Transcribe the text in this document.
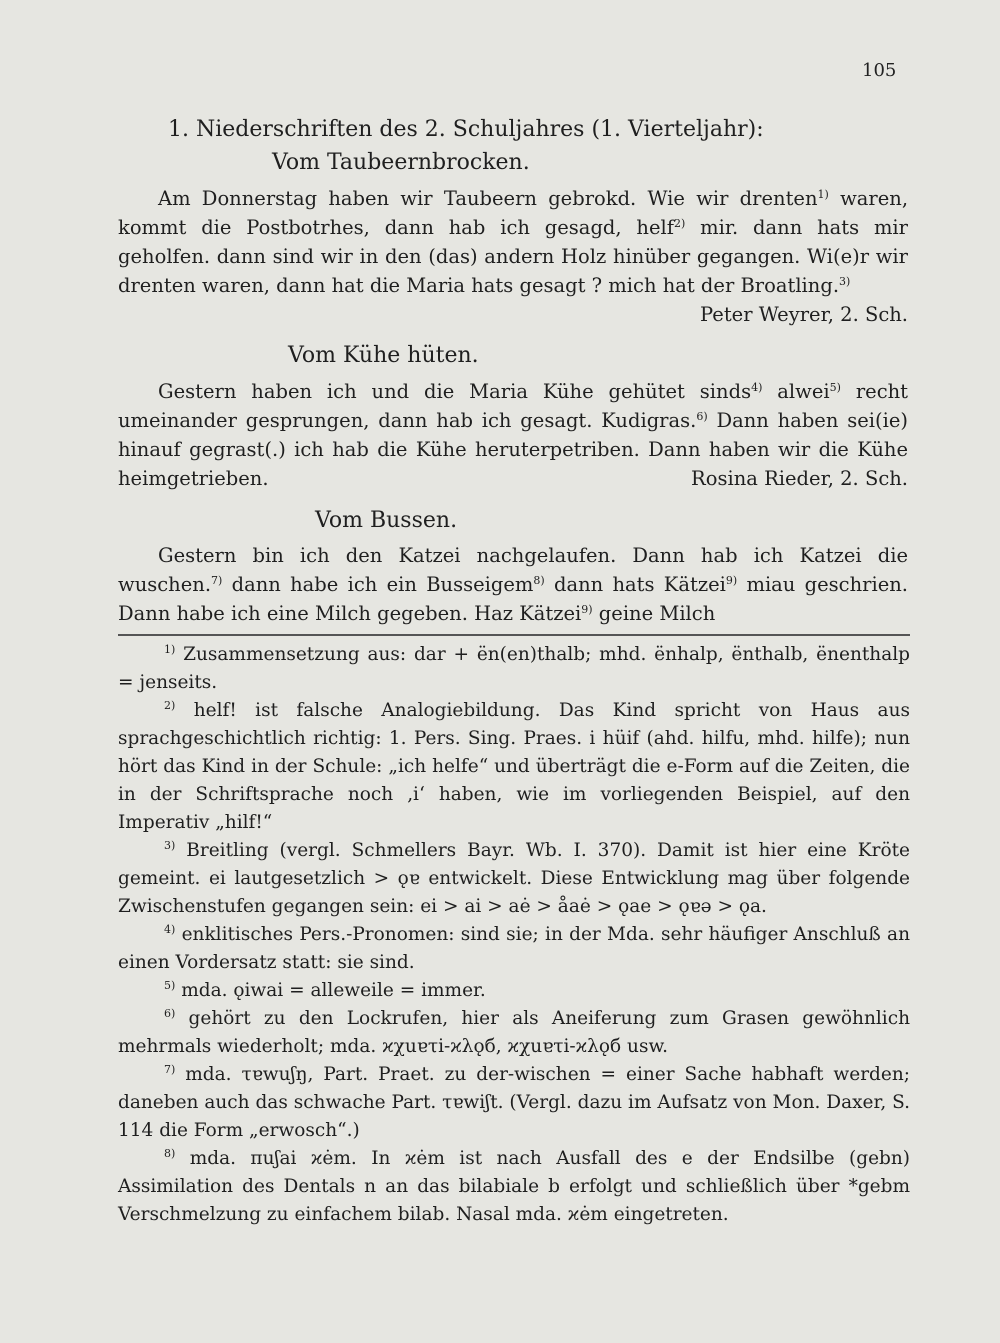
105
1. Niederschriften des 2. Schuljahres (1. Vierteljahr):
Vom Taubeernbrocken.

Am Donnerstag haben wir Taubeern gebrokd. Wie wir drenten$^{1)}$ waren, kommt die Postbotrhes, dann hab ich gesagd, helf$^{2)}$ mir. dann hats mir geholfen. dann sind wir in den (das) andern Holz hinüber gegangen. Wi(e)r wir drenten waren, dann hat die Maria hats gesagt ? mich hat der Broatling.$^{3)}$
Peter Weyrer, 2. Sch.

Vom Kühe hüten.

Gestern haben ich und die Maria Kühe gehütet sinds$^{4)}$ alwei$^{5)}$ recht umeinander gesprungen, dann hab ich gesagt. Kudigras.$^{6)}$ Dann haben sei(ie) hinauf gegrast(.) ich hab die Kühe heruterpetriben. Dann haben wir die Kühe heimgetrieben.	Rosina Rieder, 2. Sch.

Vom Bussen.

Gestern bin ich den Katzei nachgelaufen. Dann hab ich Katzei die wuschen.$^{7)}$ dann habe ich ein Busseigem$^{8)}$ dann hats Kätzei$^{9)}$ miau geschrien. Dann habe ich eine Milch gegeben. Haz Kätzei$^{9)}$ geine Milch

$^{1)}$ Zusammensetzung aus: dar + ën(en)thalb; mhd. ënhalp, ënthalb, ënenthalp = jenseits.

$^{2)}$ helf! ist falsche Analogiebildung. Das Kind spricht von Haus aus sprachgeschichtlich richtig: 1. Pers. Sing. Praes. i hüif (ahd. hilfu, mhd. hilfe); nun hört das Kind in der Schule: „ich helfe“ und überträgt die e-Form auf die Zeiten, die in der Schriftsprache noch ‚i‘ haben, wie im vorliegenden Beispiel, auf den Imperativ „hilf!“

$^{3)}$ Breitling (vergl. Schmellers Bayr. Wb. I. 370). Damit ist hier eine Kröte gemeint. ei lautgesetzlich > ǫɐ entwickelt. Diese Entwicklung mag über folgende Zwischenstufen gegangen sein: ei > ai > aė > åaė > ǫae > ǫɐə > ǫa.

$^{4)}$ enklitisches Pers.-Pronomen: sind sie; in der Mda. sehr häufiger Anschluß an einen Vordersatz statt: sie sind.

$^{5)}$ mda. ǫiwai = alleweile = immer.

$^{6)}$ gehört zu den Lockrufen, hier als Aneiferung zum Grasen gewöhnlich mehrmals wiederholt; mda. ϰχuɐτi-ϰλǫб, ϰχuɐτi-ϰλǫб usw.

$^{7)}$ mda. τɐwuʃŋ, Part. Praet. zu der-wischen = einer Sache habhaft werden; daneben auch das schwache Part. τɐwiʃt. (Vergl. dazu im Aufsatz von Mon. Daxer, S. 114 die Form „erwosch“.)

$^{8)}$ mda. πuʃai ϰėm. In ϰėm ist nach Ausfall des e der Endsilbe (gebn) Assimilation des Dentals n an das bilabiale b erfolgt und schließlich über *gebm Verschmelzung zu einfachem bilab. Nasal mda. ϰėm eingetreten.
